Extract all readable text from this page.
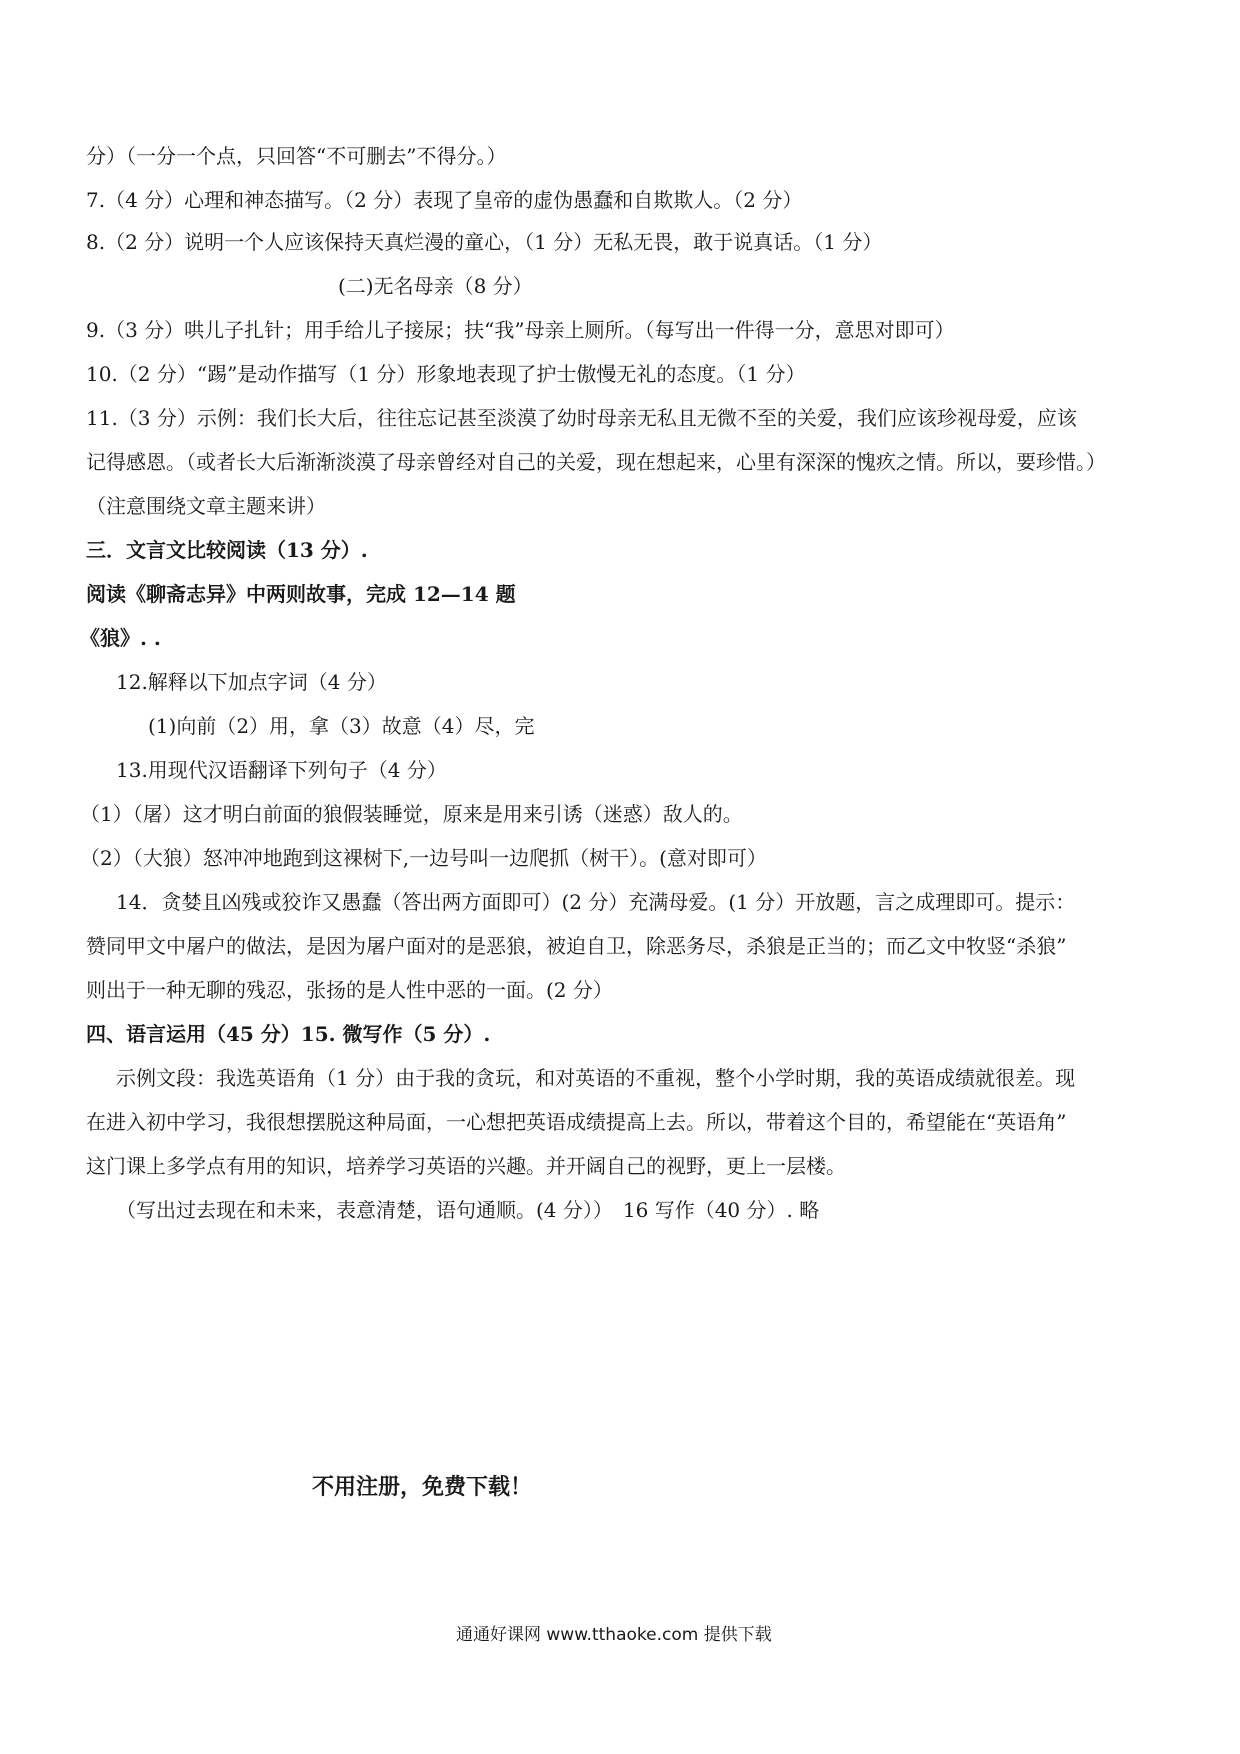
分）（一分一个点，只回答“不可删去”不得分。）
7.（4 分）心理和神态描写。（2 分）表现了皇帝的虚伪愚蠢和自欺欺人。（2 分）
8.（2 分）说明一个人应该保持天真烂漫的童心，（1 分）无私无畏，敢于说真话。（1 分）
(二)无名母亲（8 分）
9.（3 分）哄儿子扎针；用手给儿子接尿；扶“我”母亲上厕所。（每写出一件得一分，意思对即可）
10.（2 分）“踢”是动作描写（1 分）形象地表现了护士傲慢无礼的态度。（1 分）
11.（3 分）示例：我们长大后，往往忘记甚至淡漠了幼时母亲无私且无微不至的关爱，我们应该珍视母爱，应该
记得感恩。（或者长大后渐渐淡漠了母亲曾经对自己的关爱，现在想起来，心里有深深的愧疚之情。所以，要珍惜。）
（注意围绕文章主题来讲）
三．文言文比较阅读（13 分）.
阅读《聊斋志异》中两则故事，完成 12—14 题
《狼》. .
12.解释以下加点字词（4 分）
(1)向前（2）用，拿（3）故意（4）尽，完
13.用现代汉语翻译下列句子（4 分）
（1）（屠）这才明白前面的狼假装睡觉，原来是用来引诱（迷惑）敌人的。
（2）（大狼）怒冲冲地跑到这裸树下,一边号叫一边爬抓（树干）。(意对即可）
14．贪婪且凶残或狡诈又愚蠢（答出两方面即可）(2 分）充满母爱。(1 分）开放题，言之成理即可。提示：
赞同甲文中屠户的做法，是因为屠户面对的是恶狼，被迫自卫，除恶务尽，杀狼是正当的；而乙文中牧竖“杀狼”
则出于一种无聊的残忍，张扬的是人性中恶的一面。(2 分）
四、语言运用（45 分）15. 微写作（5 分）.
示例文段：我选英语角（1 分）由于我的贪玩，和对英语的不重视，整个小学时期，我的英语成绩就很差。现
在进入初中学习，我很想摆脱这种局面，一心想把英语成绩提高上去。所以，带着这个目的，希望能在“英语角”
这门课上多学点有用的知识，培养学习英语的兴趣。并开阔自己的视野，更上一层楼。
（写出过去现在和未来，表意清楚，语句通顺。(4 分））　16 写作（40 分）. 略
不用注册，免费下载！
通通好课网 www.tthaoke.com 提供下载
